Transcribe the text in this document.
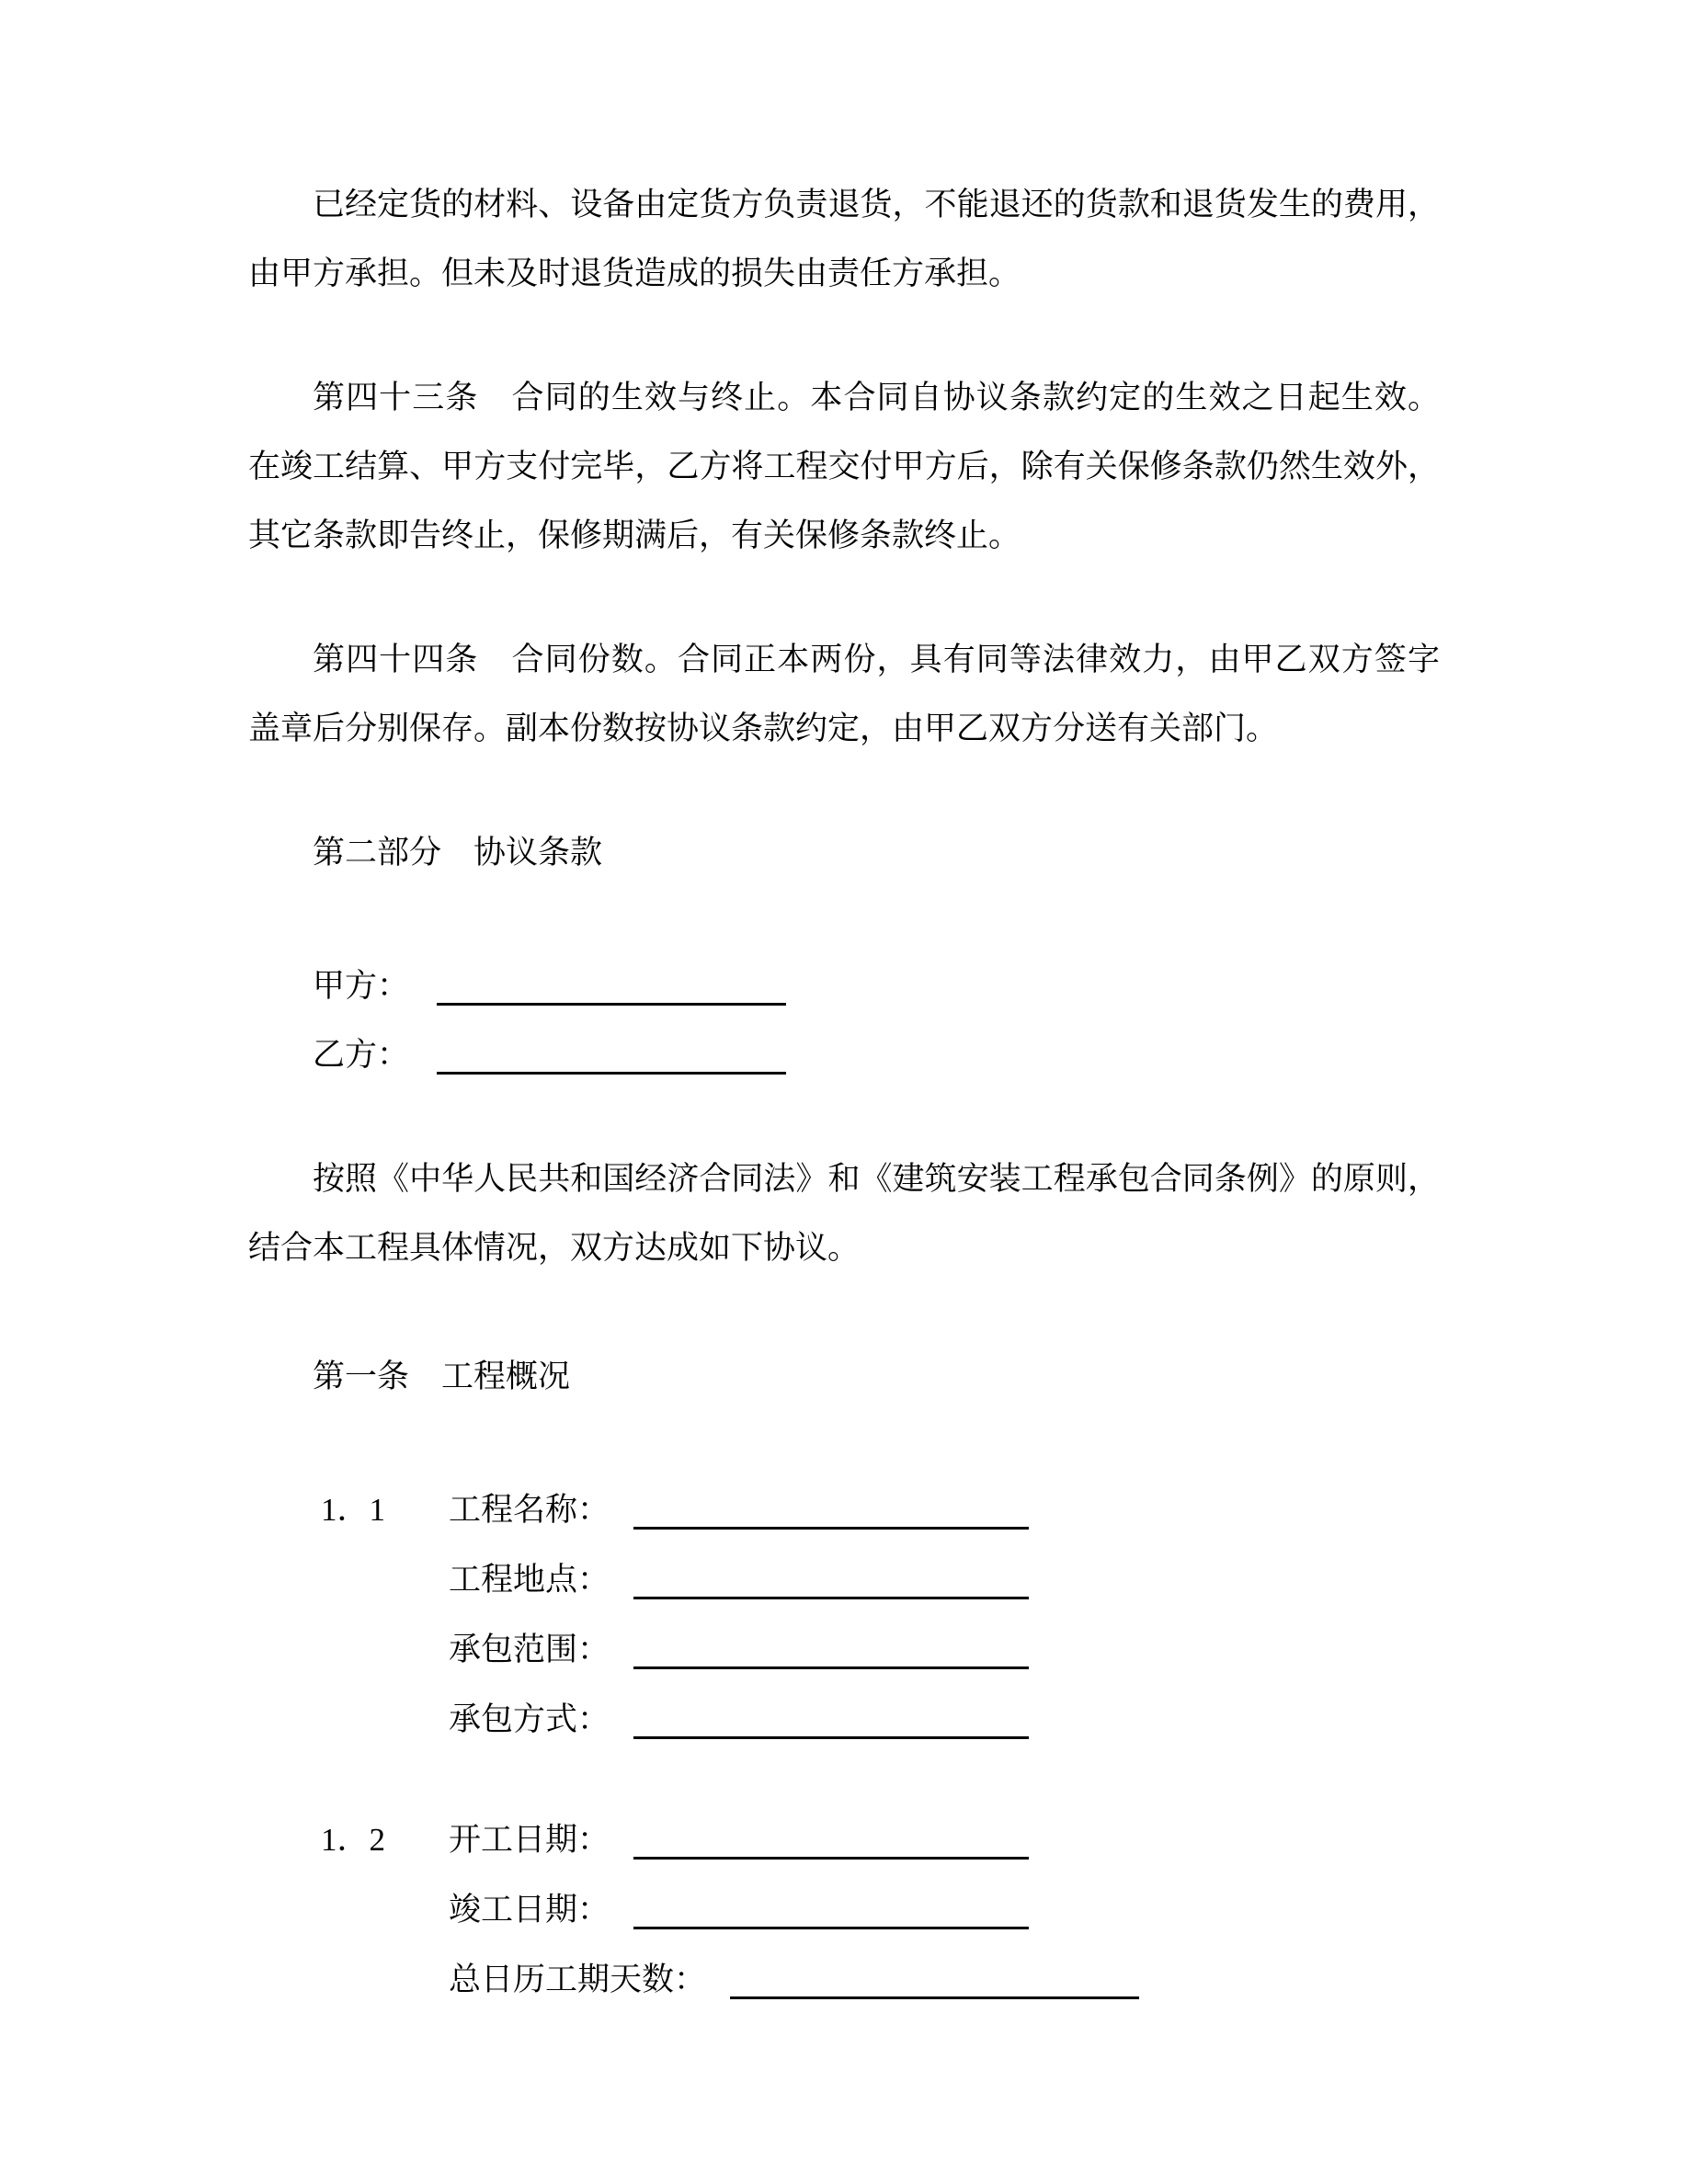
已经定货的材料、设备由定货方负责退货，不能退还的货款和退货发生的费用，
由甲方承担。但未及时退货造成的损失由责任方承担。
第四十三条　合同的生效与终止。本合同自协议条款约定的生效之日起生效。
在竣工结算、甲方支付完毕，乙方将工程交付甲方后，除有关保修条款仍然生效外，
其它条款即告终止，保修期满后，有关保修条款终止。
第四十四条　合同份数。合同正本两份，具有同等法律效力，由甲乙双方签字
盖章后分别保存。副本份数按协议条款约定，由甲乙双方分送有关部门。
第二部分　协议条款
甲方：
乙方：
按照《中华人民共和国经济合同法》和《建筑安装工程承包合同条例》的原则，
结合本工程具体情况，双方达成如下协议。
第一条　工程概况
1．1 工程名称：
工程地点：
承包范围：
承包方式：
1．2 开工日期：
竣工日期：
总日历工期天数：
